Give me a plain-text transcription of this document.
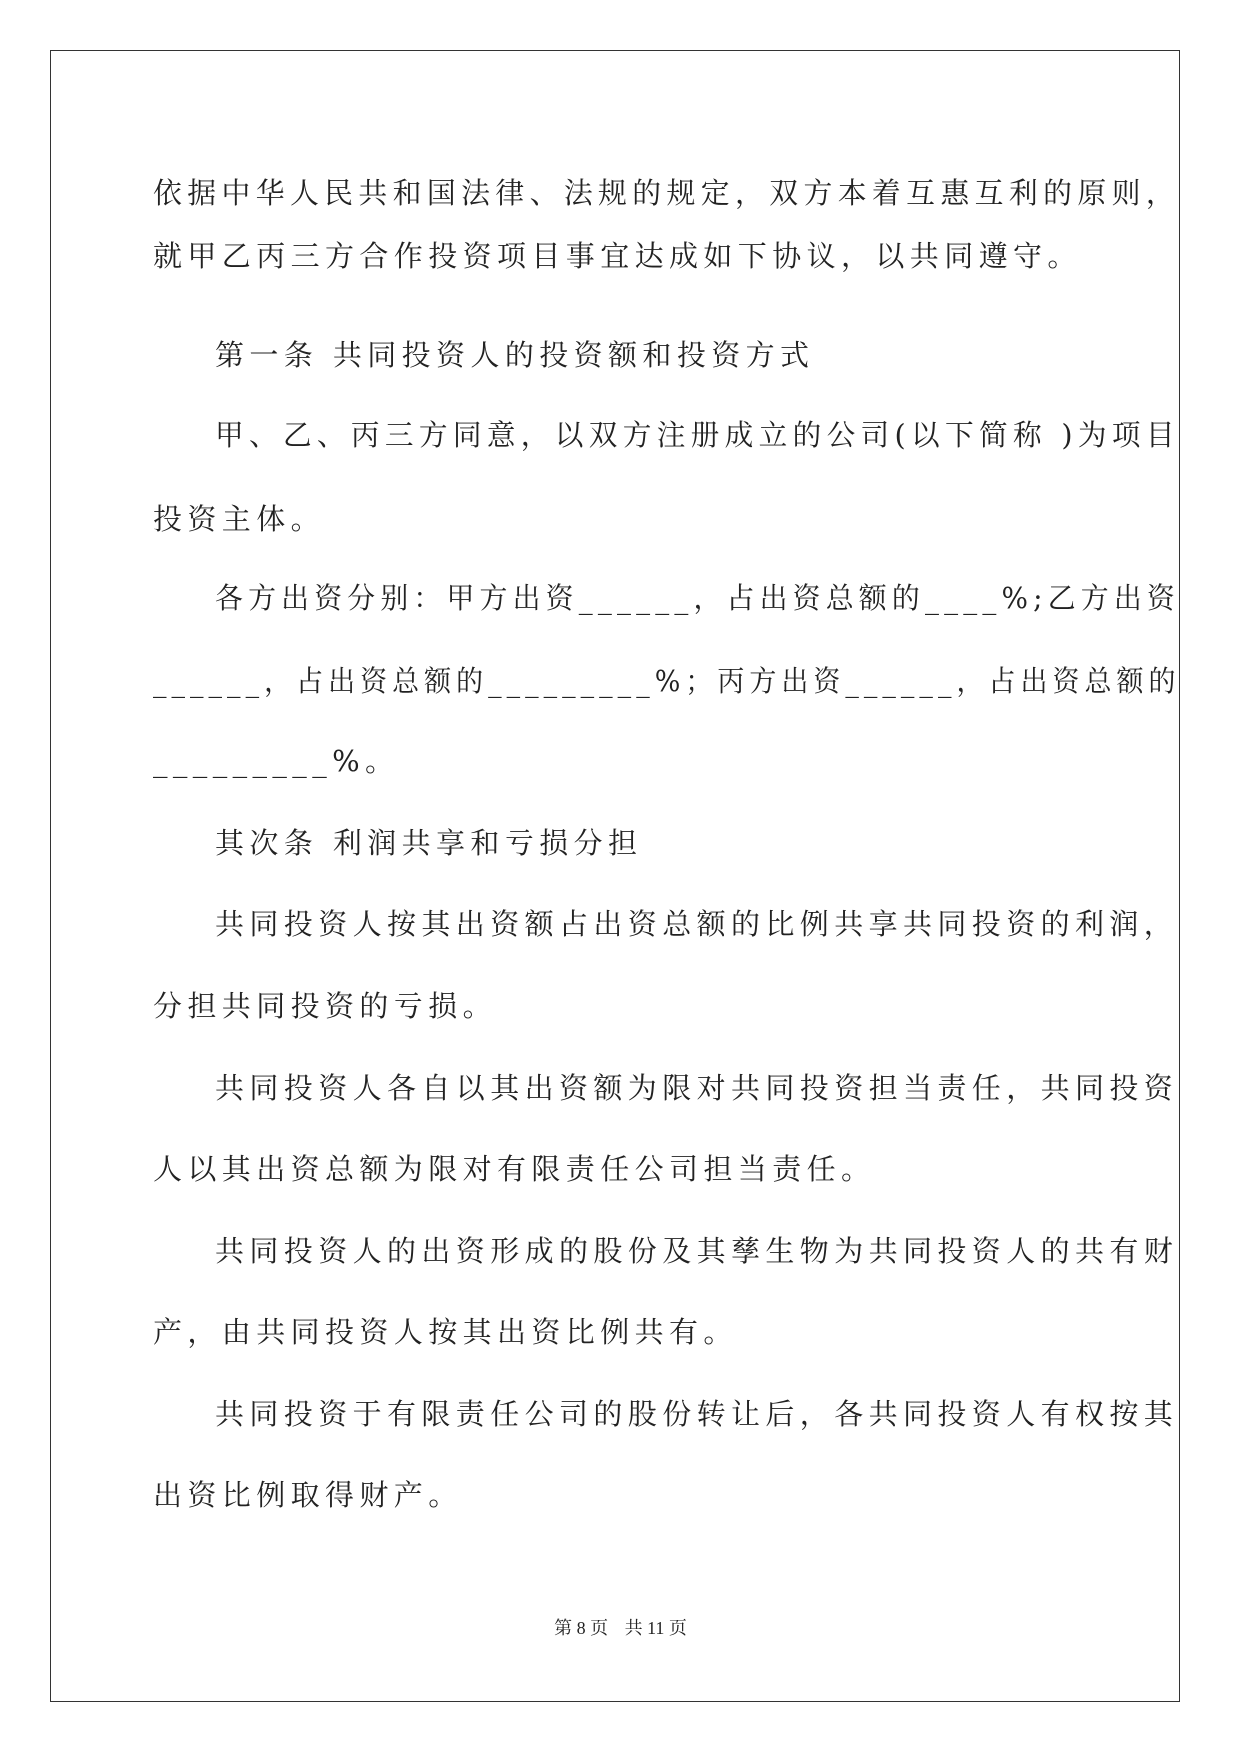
依据中华人民共和国法律、法规的规定，双方本着互惠互利的原则，
就甲乙丙三方合作投资项目事宜达成如下协议，以共同遵守。
第一条 共同投资人的投资额和投资方式
甲、乙、丙三方同意，以双方注册成立的公司(以下简称 )为项目
投资主体。
各方出资分别：甲方出资______，占出资总额的____%;乙方出资
______，占出资总额的_________%；丙方出资______，占出资总额的
_________%。
其次条 利润共享和亏损分担
共同投资人按其出资额占出资总额的比例共享共同投资的利润，
分担共同投资的亏损。
共同投资人各自以其出资额为限对共同投资担当责任，共同投资
人以其出资总额为限对有限责任公司担当责任。
共同投资人的出资形成的股份及其孳生物为共同投资人的共有财
产，由共同投资人按其出资比例共有。
共同投资于有限责任公司的股份转让后，各共同投资人有权按其
出资比例取得财产。
第 8 页 共 11 页
